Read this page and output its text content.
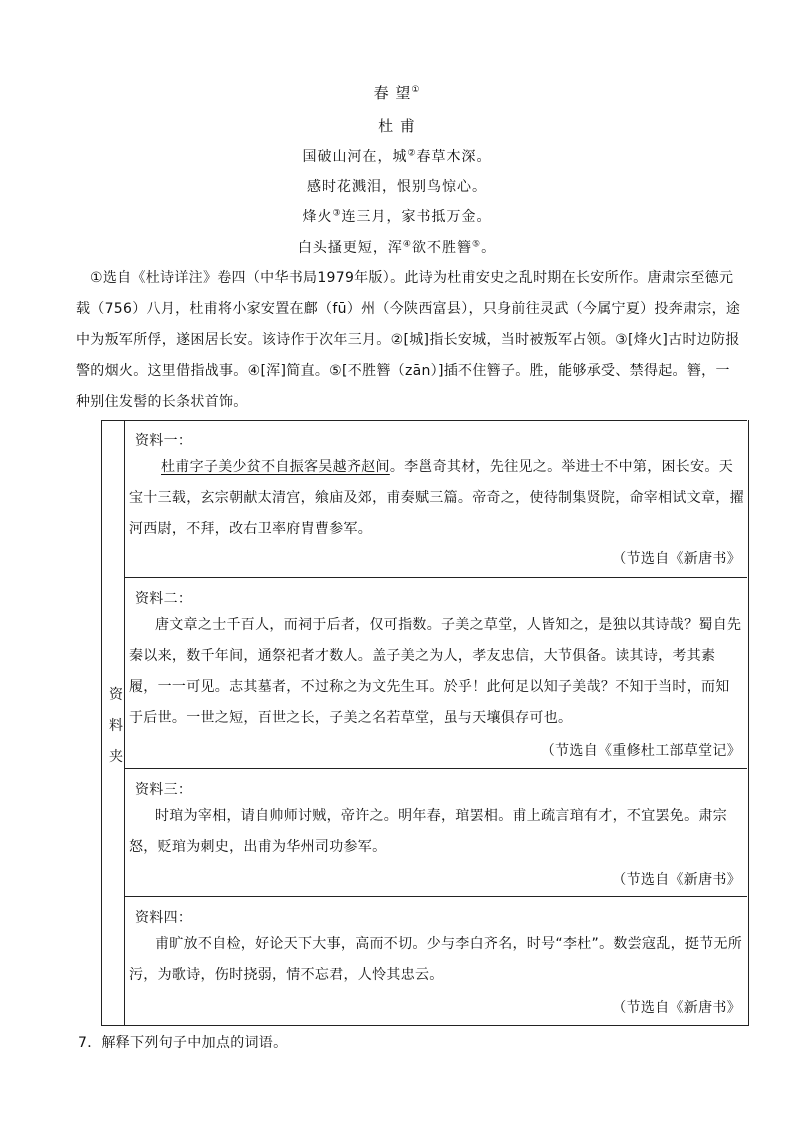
春 望①
杜 甫
国破山河在，城②春草木深。
感时花溅泪，恨别鸟惊心。
烽火③连三月，家书抵万金。
白头搔更短，浑④欲不胜簪⑤。
①选自《杜诗详注》卷四（中华书局1979年版）。此诗为杜甫安史之乱时期在长安所作。唐肃宗至德元载（756）八月，杜甫将小家安置在鄜（fū）州（今陕西富县），只身前往灵武（今属宁夏）投奔肃宗，途中为叛军所俘，遂困居长安。该诗作于次年三月。②[城]指长安城，当时被叛军占领。③[烽火]古时边防报警的烟火。这里借指战事。④[浑]简直。⑤[不胜簪（zān）]插不住簪子。胜，能够承受、禁得起。簪，一种别住发髻的长条状首饰。
资
料
夹
资料一：
杜甫字子美少贫不自振客吴越齐赵间。李邕奇其材，先往见之。举进士不中第，困长安。天宝十三载，玄宗朝献太清宫，飨庙及郊，甫奏赋三篇。帝奇之，使待制集贤院，命宰相试文章，擢河西尉，不拜，改右卫率府胄曹参军。
（节选自《新唐书》
资料二：
唐文章之士千百人，而祠于后者，仅可指数。子美之草堂，人皆知之，是独以其诗哉？蜀自先秦以来，数千年间，通祭祀者才数人。盖子美之为人，孝友忠信，大节俱备。读其诗，考其素履，一一可见。志其墓者，不过称之为文先生耳。於乎！此何足以知子美哉？不知于当时，而知于后世。一世之短，百世之长，子美之名若草堂，虽与天壤俱存可也。
（节选自《重修杜工部草堂记》
资料三：
时琯为宰相，请自帅师讨贼，帝许之。明年春，琯罢相。甫上疏言琯有才，不宜罢免。肃宗怒，贬琯为刺史，出甫为华州司功参军。
（节选自《新唐书》
资料四：
甫旷放不自检，好论天下大事，高而不切。少与李白齐名，时号“李杜”。数尝寇乱，挺节无所污，为歌诗，伤时挠弱，情不忘君，人怜其忠云。
（节选自《新唐书》
7．解释下列句子中加点的词语。
